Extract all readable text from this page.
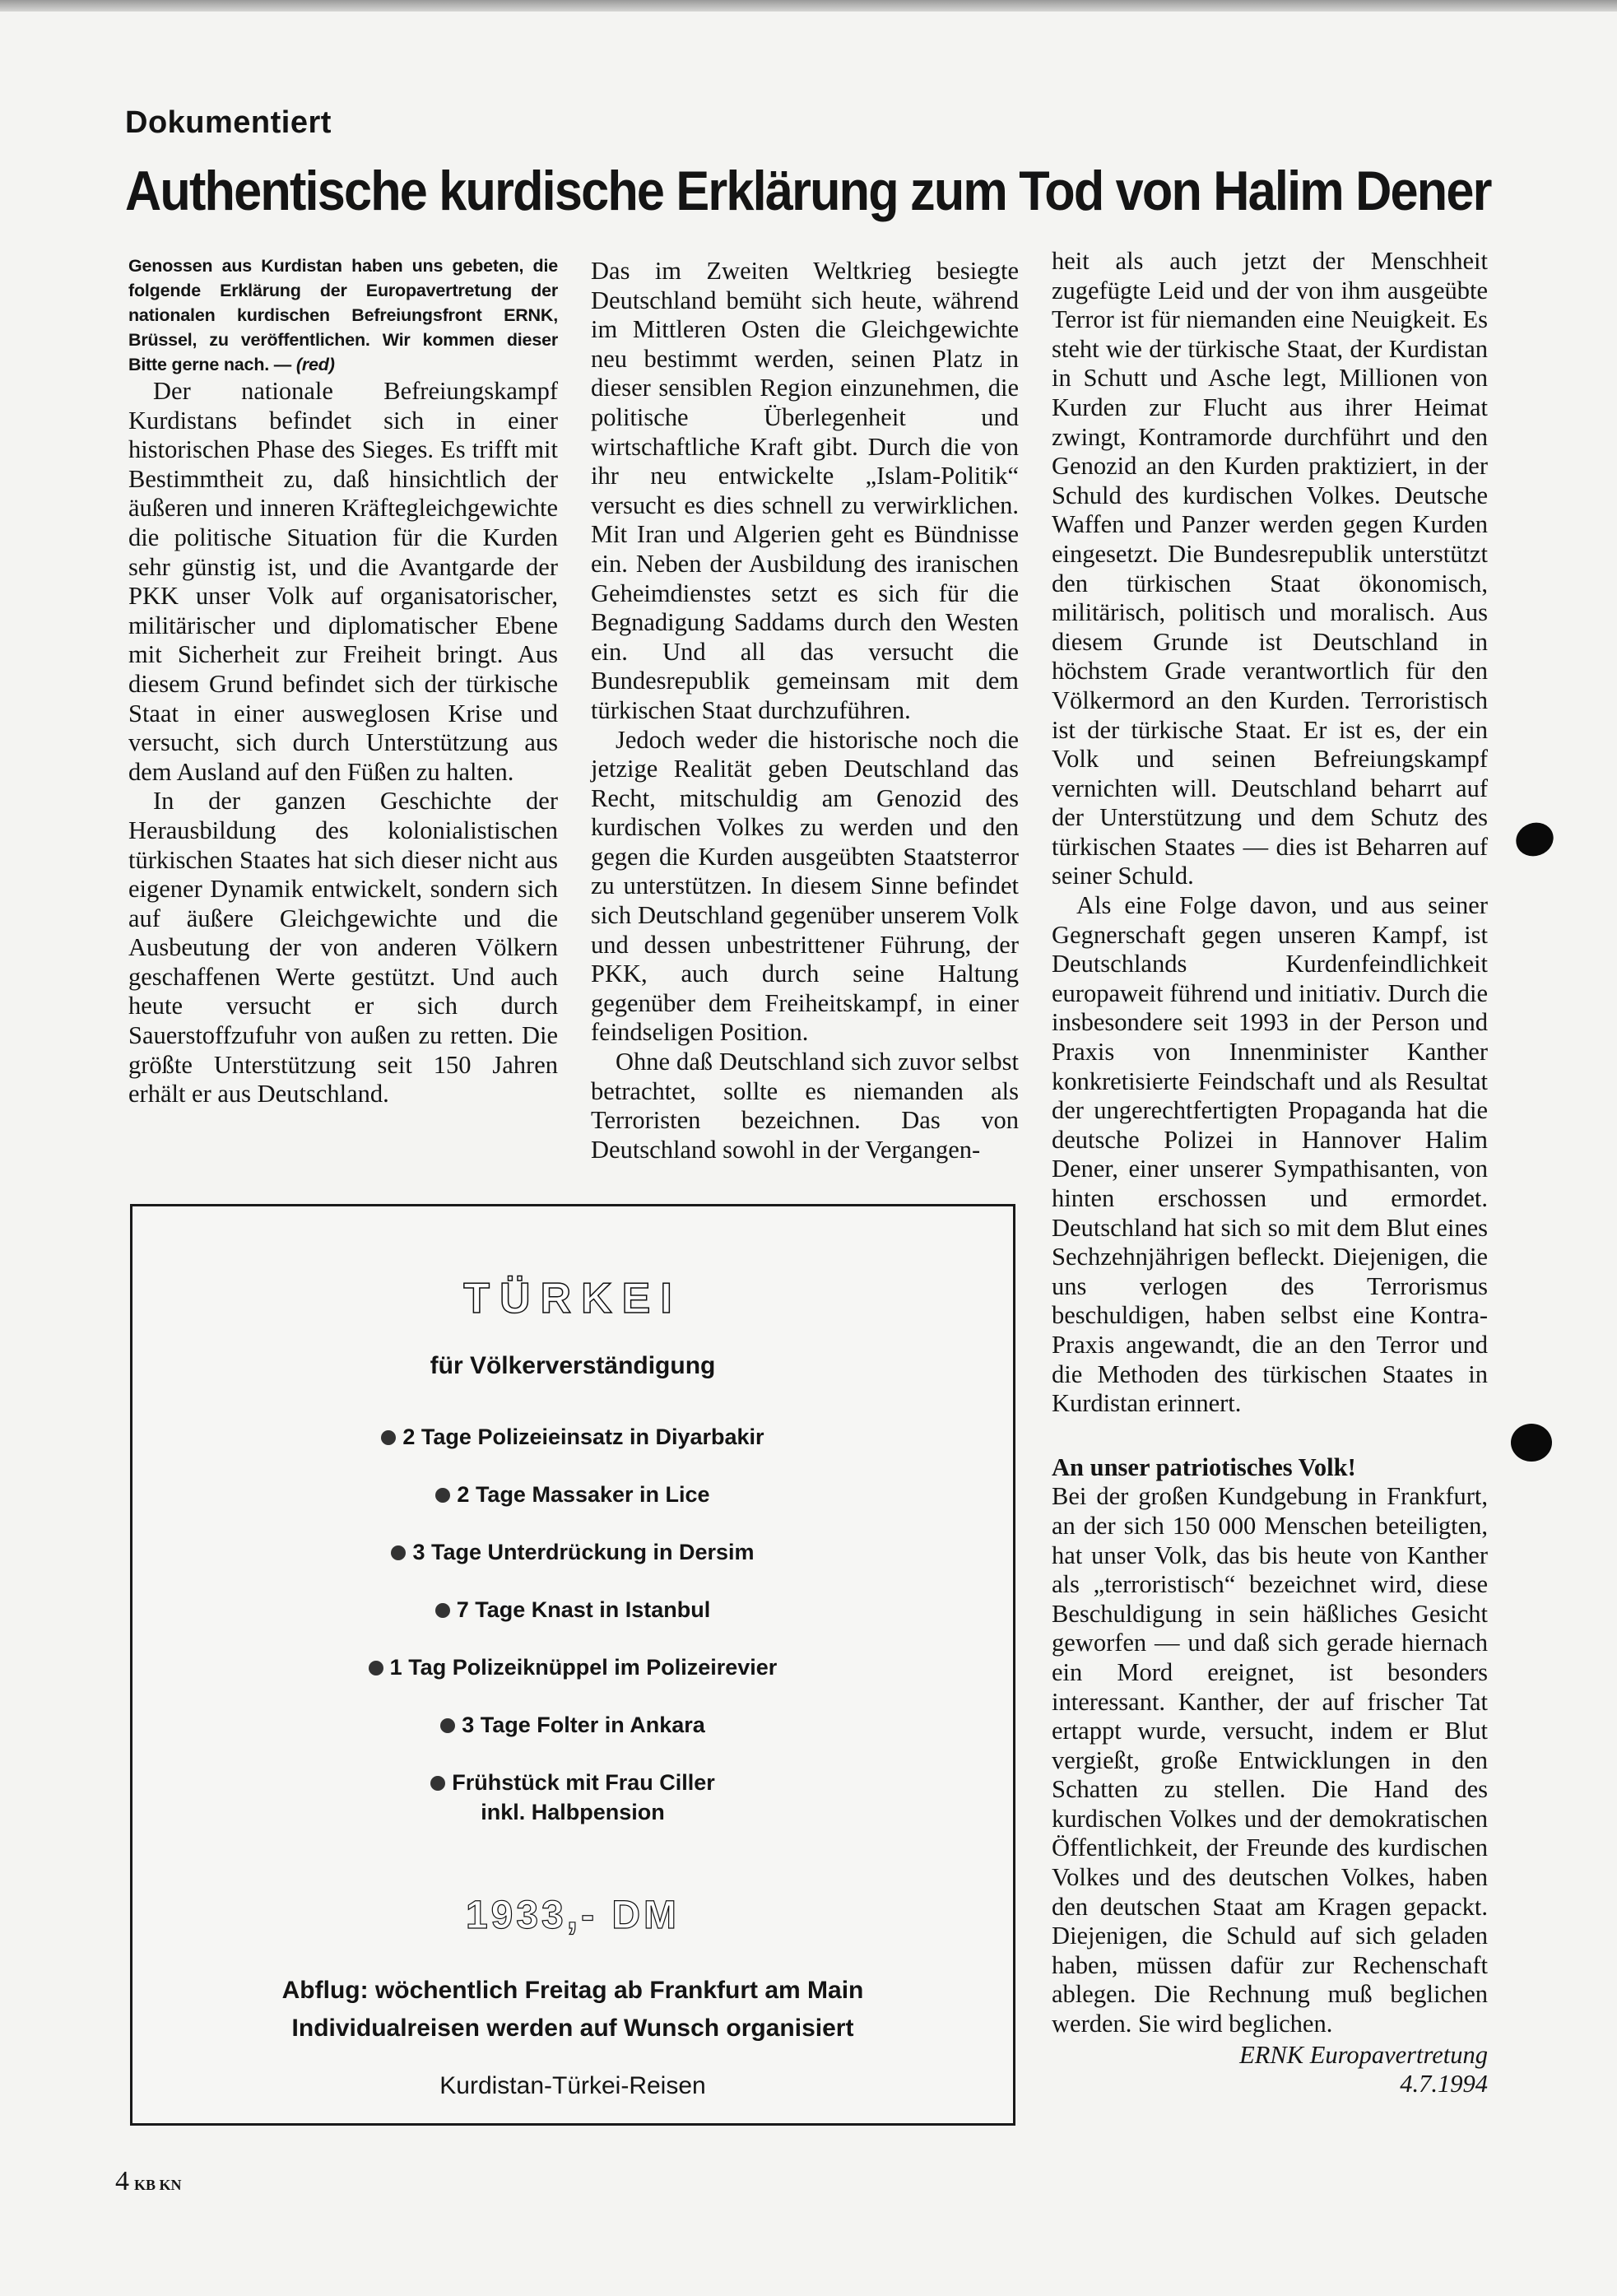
Dokumentiert
Authentische kurdische Erklärung zum Tod von Halim Dener

Genossen aus Kurdistan haben uns gebeten, die folgende Erklärung der Europavertretung der nationalen kurdischen Befreiungsfront ERNK, Brüssel, zu veröffentlichen. Wir kommen dieser Bitte gerne nach. — (red)

Der nationale Befreiungskampf Kurdistans befindet sich in einer historischen Phase des Sieges. Es trifft mit Bestimmtheit zu, daß hinsichtlich der äußeren und inneren Kräftegleichgewichte die politische Situation für die Kurden sehr günstig ist, und die Avantgarde der PKK unser Volk auf organisatorischer, militärischer und diplomatischer Ebene mit Sicherheit zur Freiheit bringt. Aus diesem Grund befindet sich der türkische Staat in einer ausweglosen Krise und versucht, sich durch Unterstützung aus dem Ausland auf den Füßen zu halten.

In der ganzen Geschichte der Herausbildung des kolonialistischen türkischen Staates hat sich dieser nicht aus eigener Dynamik entwickelt, sondern sich auf äußere Gleichgewichte und die Ausbeutung der von anderen Völkern geschaffenen Werte gestützt. Und auch heute versucht er sich durch Sauerstoffzufuhr von außen zu retten. Die größte Unterstützung seit 150 Jahren erhält er aus Deutschland.

Das im Zweiten Weltkrieg besiegte Deutschland bemüht sich heute, während im Mittleren Osten die Gleichgewichte neu bestimmt werden, seinen Platz in dieser sensiblen Region einzunehmen, die politische Überlegenheit und wirtschaftliche Kraft gibt. Durch die von ihr neu entwickelte „Islam-Politik“ versucht es dies schnell zu verwirklichen. Mit Iran und Algerien geht es Bündnisse ein. Neben der Ausbildung des iranischen Geheimdienstes setzt es sich für die Begnadigung Saddams durch den Westen ein. Und all das versucht die Bundesrepublik gemeinsam mit dem türkischen Staat durchzuführen.

Jedoch weder die historische noch die jetzige Realität geben Deutschland das Recht, mitschuldig am Genozid des kurdischen Volkes zu werden und den gegen die Kurden ausgeübten Staatsterror zu unterstützen. In diesem Sinne befindet sich Deutschland gegenüber unserem Volk und dessen unbestrittener Führung, der PKK, auch durch seine Haltung gegenüber dem Freiheitskampf, in einer feindseligen Position.

Ohne daß Deutschland sich zuvor selbst betrachtet, sollte es niemanden als Terroristen bezeichnen. Das von Deutschland sowohl in der Vergangen-

heit als auch jetzt der Menschheit zugefügte Leid und der von ihm ausgeübte Terror ist für niemanden eine Neuigkeit. Es steht wie der türkische Staat, der Kurdistan in Schutt und Asche legt, Millionen von Kurden zur Flucht aus ihrer Heimat zwingt, Kontramorde durchführt und den Genozid an den Kurden praktiziert, in der Schuld des kurdischen Volkes. Deutsche Waffen und Panzer werden gegen Kurden eingesetzt. Die Bundesrepublik unterstützt den türkischen Staat ökonomisch, militärisch, politisch und moralisch. Aus diesem Grunde ist Deutschland in höchstem Grade verantwortlich für den Völkermord an den Kurden. Terroristisch ist der türkische Staat. Er ist es, der ein Volk und seinen Befreiungskampf vernichten will. Deutschland beharrt auf der Unterstützung und dem Schutz des türkischen Staates — dies ist Beharren auf seiner Schuld.

Als eine Folge davon, und aus seiner Gegnerschaft gegen unseren Kampf, ist Deutschlands Kurdenfeindlichkeit europaweit führend und initiativ. Durch die insbesondere seit 1993 in der Person und Praxis von Innenminister Kanther konkretisierte Feindschaft und als Resultat der ungerechtfertigten Propaganda hat die deutsche Polizei in Hannover Halim Dener, einer unserer Sympathisanten, von hinten erschossen und ermordet. Deutschland hat sich so mit dem Blut eines Sechzehnjährigen befleckt. Diejenigen, die uns verlogen des Terrorismus beschuldigen, haben selbst eine Kontra-Praxis angewandt, die an den Terror und die Methoden des türkischen Staates in Kurdistan erinnert.

An unser patriotisches Volk!

Bei der großen Kundgebung in Frankfurt, an der sich 150 000 Menschen beteiligten, hat unser Volk, das bis heute von Kanther als „terroristisch“ bezeichnet wird, diese Beschuldigung in sein häßliches Gesicht geworfen — und daß sich gerade hiernach ein Mord ereignet, ist besonders interessant. Kanther, der auf frischer Tat ertappt wurde, versucht, indem er Blut vergießt, große Entwicklungen in den Schatten zu stellen. Die Hand des kurdischen Volkes und der demokratischen Öffentlichkeit, der Freunde des kurdischen Volkes und des deutschen Volkes, haben den deutschen Staat am Kragen gepackt. Diejenigen, die Schuld auf sich geladen haben, müssen dafür zur Rechenschaft ablegen. Die Rechnung muß beglichen werden. Sie wird beglichen.

ERNK Europavertretung
4.7.1994
TÜRKEI
für Völkerverständigung
2 Tage Polizeieinsatz in Diyarbakir
2 Tage Massaker in Lice
3 Tage Unterdrückung in Dersim
7 Tage Knast in Istanbul
1 Tag Polizeiknüppel im Polizeirevier
3 Tage Folter in Ankara
Frühstück mit Frau Ciller
inkl. Halbpension
1933,- DM
Abflug: wöchentlich Freitag ab Frankfurt am Main
Individualreisen werden auf Wunsch organisiert
Kurdistan-Türkei-Reisen
4 KB KN
